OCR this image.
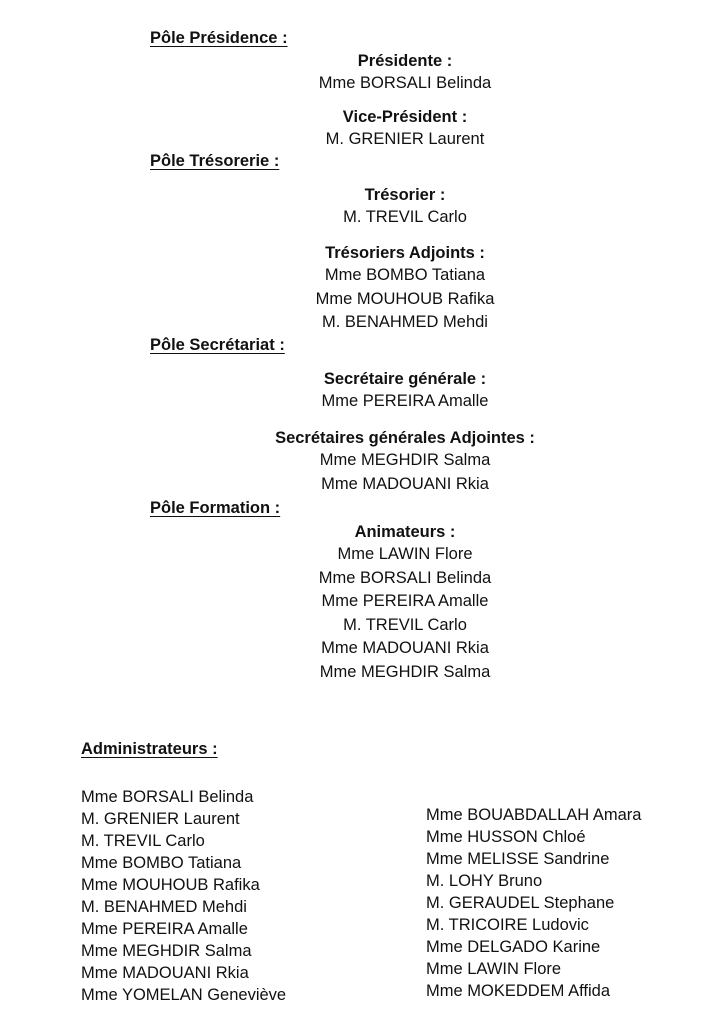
Pôle Présidence :
Présidente :
Mme BORSALI Belinda
Vice-Président :
M. GRENIER Laurent
Pôle Trésorerie :
Trésorier :
M. TREVIL Carlo
Trésoriers Adjoints :
Mme BOMBO Tatiana
Mme MOUHOUB Rafika
M. BENAHMED Mehdi
Pôle Secrétariat :
Secrétaire générale :
Mme PEREIRA Amalle
Secrétaires générales Adjointes :
Mme MEGHDIR Salma
Mme MADOUANI Rkia
Pôle Formation :
Animateurs :
Mme LAWIN Flore
Mme BORSALI Belinda
Mme PEREIRA Amalle
M. TREVIL Carlo
Mme MADOUANI Rkia
Mme MEGHDIR Salma
Administrateurs :
Mme BORSALI Belinda
M. GRENIER Laurent
M. TREVIL Carlo
Mme BOMBO Tatiana
Mme MOUHOUB Rafika
M. BENAHMED Mehdi
Mme PEREIRA Amalle
Mme MEGHDIR Salma
Mme MADOUANI Rkia
Mme YOMELAN Geneviève
Mme BOUABDALLAH Amara
Mme HUSSON Chloé
Mme MELISSE Sandrine
M. LOHY Bruno
M. GERAUDEL Stephane
M. TRICOIRE Ludovic
Mme DELGADO Karine
Mme LAWIN Flore
Mme MOKEDDEM Affida
